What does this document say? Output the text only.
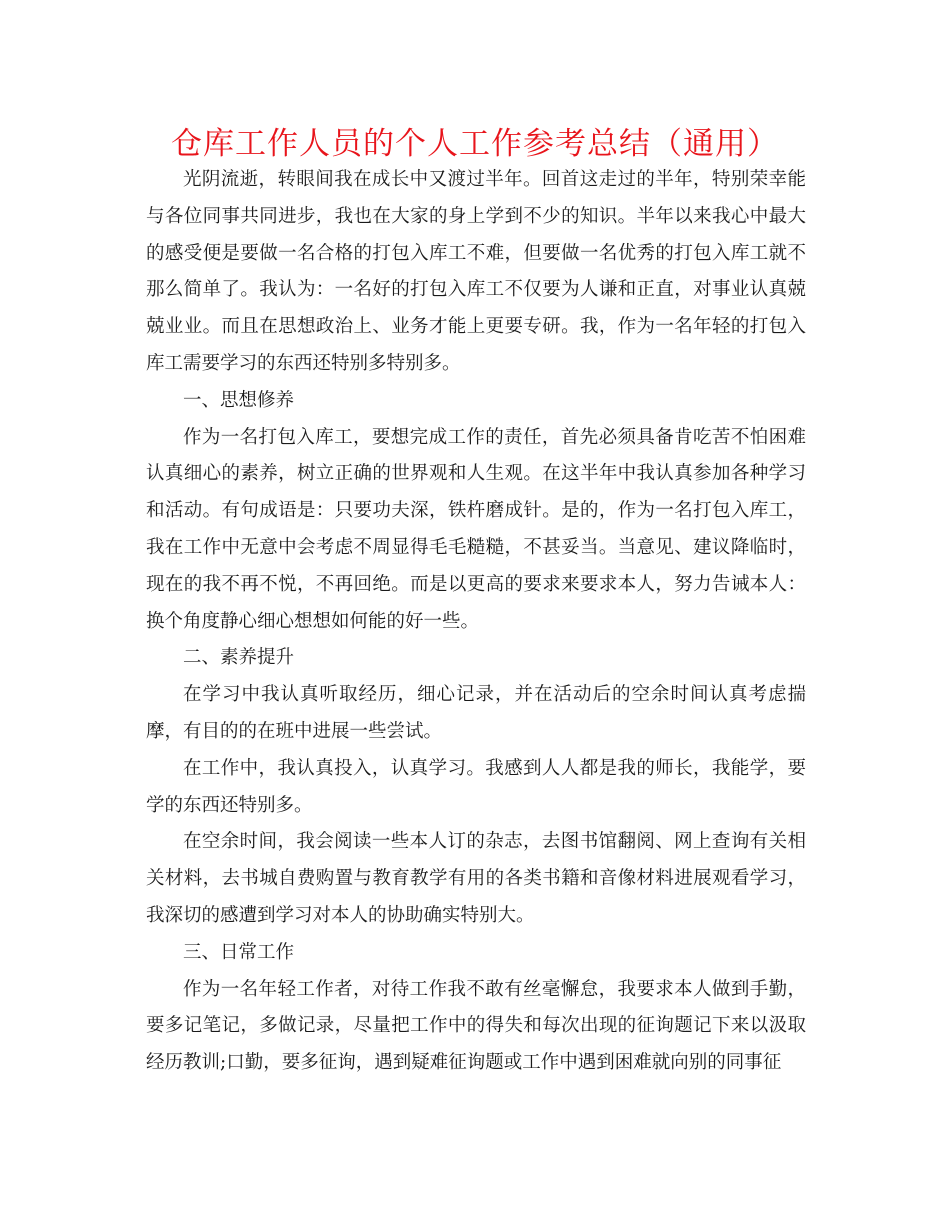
仓库工作人员的个人工作参考总结（通用）

光阴流逝，转眼间我在成长中又渡过半年。回首这走过的半年，特别荣幸能与各位同事共同进步，我也在大家的身上学到不少的知识。半年以来我心中最大的感受便是要做一名合格的打包入库工不难，但要做一名优秀的打包入库工就不那么简单了。我认为：一名好的打包入库工不仅要为人谦和正直，对事业认真兢兢业业。而且在思想政治上、业务才能上更要专研。我，作为一名年轻的打包入库工需要学习的东西还特别多特别多。

一、思想修养

作为一名打包入库工，要想完成工作的责任，首先必须具备肯吃苦不怕困难认真细心的素养，树立正确的世界观和人生观。在这半年中我认真参加各种学习和活动。有句成语是：只要功夫深，铁杵磨成针。是的，作为一名打包入库工，我在工作中无意中会考虑不周显得毛毛糙糙，不甚妥当。当意见、建议降临时，现在的我不再不悦，不再回绝。而是以更高的要求来要求本人，努力告诫本人：换个角度静心细心想想如何能的好一些。

二、素养提升

在学习中我认真听取经历，细心记录，并在活动后的空余时间认真考虑揣摩，有目的的在班中进展一些尝试。

在工作中，我认真投入，认真学习。我感到人人都是我的师长，我能学，要学的东西还特别多。

在空余时间，我会阅读一些本人订的杂志，去图书馆翻阅、网上查询有关相关材料，去书城自费购置与教育教学有用的各类书籍和音像材料进展观看学习，我深切的感遭到学习对本人的协助确实特别大。

三、日常工作

作为一名年轻工作者，对待工作我不敢有丝毫懈怠，我要求本人做到手勤，要多记笔记，多做记录，尽量把工作中的得失和每次出现的征询题记下来以汲取经历教训;口勤，要多征询，遇到疑难征询题或工作中遇到困难就向别的同事征
